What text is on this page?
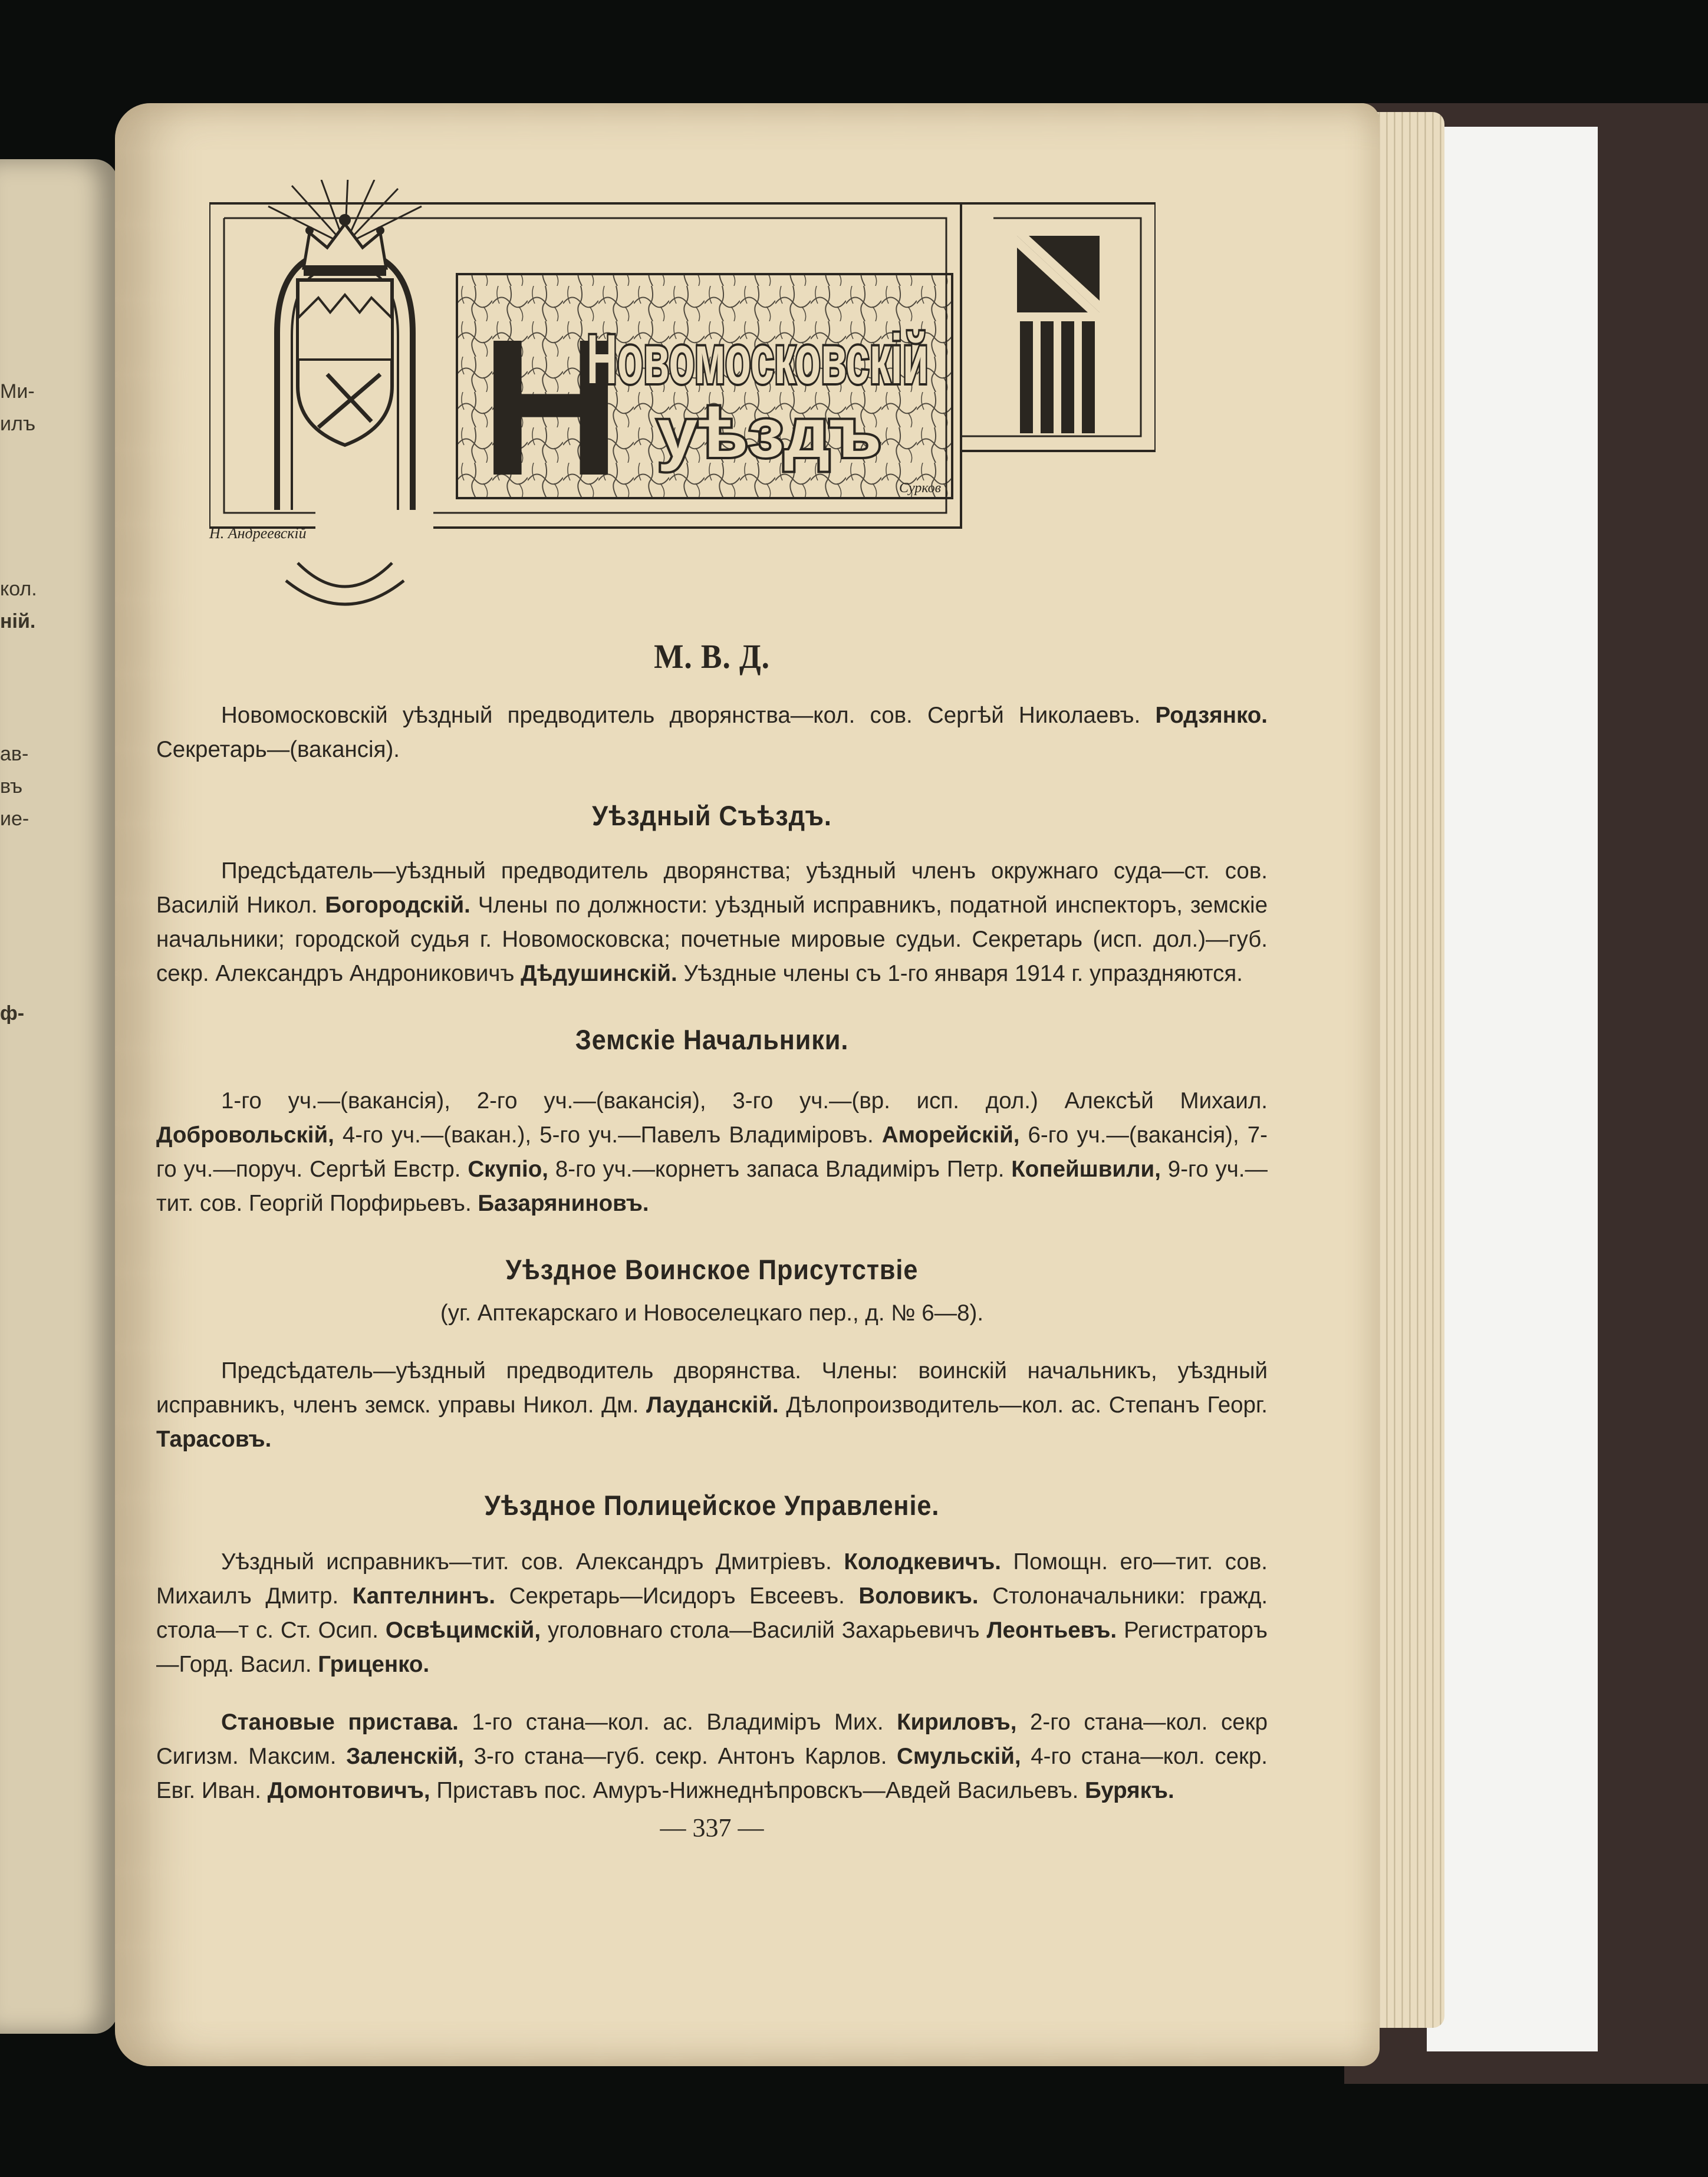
Ми-
илъ
кол.
ній.
ав-
въ
ие-
ф-
Н
Новомосковскій
уѣздъ
Н. Андреевскій
Сурков
М. В. Д.

Новомосковскій уѣздный предводитель дворянства—кол. сов. Сергѣй Николаевъ. Родзянко. Секретарь—(вакансія).

Уѣздный Съѣздъ.

Предсѣдатель—уѣздный предводитель дворянства; уѣздный членъ окружнаго суда—ст. сов. Василій Никол. Богородскій. Члены по должности: уѣздный исправникъ, податной инспекторъ, земскіе начальники; городской судья г. Новомосковска; почетные мировые судьи. Секретарь (исп. дол.)—губ. секр. Александръ Андрониковичъ Дѣдушинскій. Уѣздные члены съ 1-го января 1914 г. упраздняются.

Земскіе Начальники.

1-го уч.—(вакансія), 2-го уч.—(вакансія), 3-го уч.—(вр. исп. дол.) Алексѣй Михаил. Добровольскій, 4-го уч.—(вакан.), 5-го уч.—Павелъ Владиміровъ. Аморейскій, 6-го уч.—(вакансія), 7-го уч.—поруч. Сергѣй Евстр. Скупіо, 8-го уч.—корнетъ запаса Владиміръ Петр. Копейшвили, 9-го уч.—тит. сов. Георгій Порфирьевъ. Базаряниновъ.

Уѣздное Воинское Присутствіе

(уг. Аптекарскаго и Новоселецкаго пер., д. № 6—8).

Предсѣдатель—уѣздный предводитель дворянства. Члены: воинскій начальникъ, уѣздный исправникъ, членъ земск. управы Никол. Дм. Лауданскій. Дѣлопроизводитель—кол. ас. Степанъ Георг. Тарасовъ.

Уѣздное Полицейское Управленіе.

Уѣздный исправникъ—тит. сов. Александръ Дмитріевъ. Колодкевичъ. Помощн. его—тит. сов. Михаилъ Дмитр. Каптелнинъ. Секретарь—Исидоръ Евсеевъ. Воловикъ. Столоначальники: гражд. стола—т с. Ст. Осип. Освѣцимскій, уголовнаго стола—Василій Захарьевичъ Леонтьевъ. Регистраторъ—Горд. Васил. Гриценко.

Становые пристава. 1-го стана—кол. ас. Владиміръ Мих. Кириловъ, 2-го стана—кол. секр Сигизм. Максим. Заленскій, 3-го стана—губ. секр. Антонъ Карлов. Смульскій, 4-го стана—кол. секр. Евг. Иван. Домонтовичъ, Приставъ пос. Амуръ-Нижнеднѣпровскъ—Авдей Васильевъ. Бурякъ.

— 337 —
